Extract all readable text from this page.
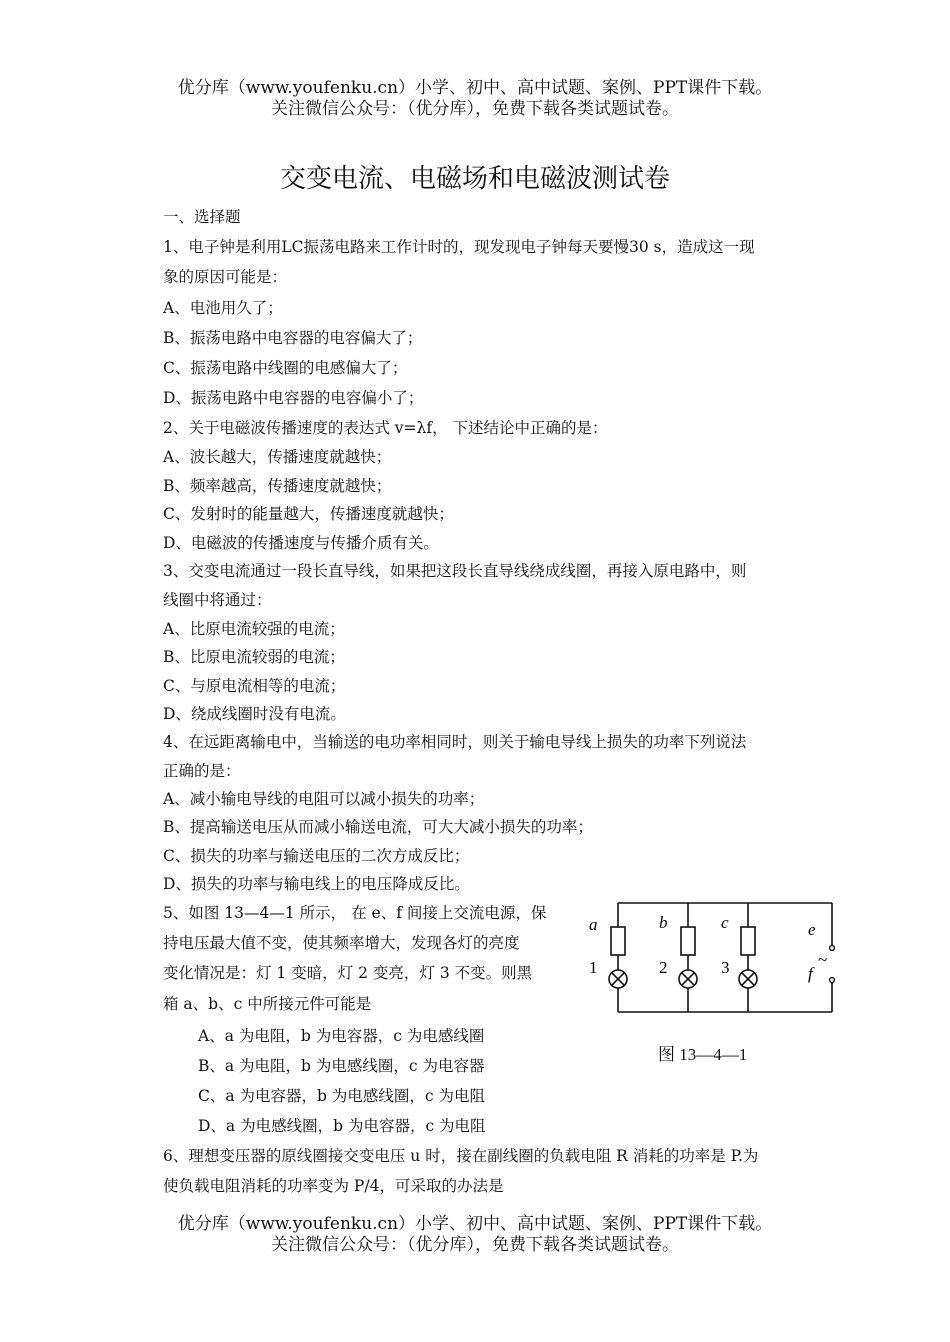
优分库（www.youfenku.cn）小学、初中、高中试题、案例、PPT课件下载。
关注微信公众号：（优分库），免费下载各类试题试卷。
交变电流、电磁场和电磁波测试卷
一、选择题
1、电子钟是利用LC振荡电路来工作计时的，现发现电子钟每天要慢30 s，造成这一现
象的原因可能是：
A、电池用久了；
B、振荡电路中电容器的电容偏大了；
C、振荡电路中线圈的电感偏大了；
D、振荡电路中电容器的电容偏小了；
2、关于电磁波传播速度的表达式 v=λf， 下述结论中正确的是：
A、波长越大，传播速度就越快；
B、频率越高，传播速度就越快；
C、发射时的能量越大，传播速度就越快；
D、电磁波的传播速度与传播介质有关。
3、交变电流通过一段长直导线，如果把这段长直导线绕成线圈，再接入原电路中，则
线圈中将通过：
A、比原电流较强的电流；
B、比原电流较弱的电流；
C、与原电流相等的电流；
D、绕成线圈时没有电流。
4、在远距离输电中，当输送的电功率相同时，则关于输电导线上损失的功率下列说法
正确的是：
A、减小输电导线的电阻可以减小损失的功率；
B、提高输送电压从而减小输送电流，可大大减小损失的功率；
C、损失的功率与输送电压的二次方成反比；
D、损失的功率与输电线上的电压降成反比。
5、如图 13—4—1 所示， 在 e、f 间接上交流电源，保
持电压最大值不变，使其频率增大，发现各灯的亮度
变化情况是：灯 1 变暗，灯 2 变亮，灯 3 不变。则黑
箱 a、b、c 中所接元件可能是
A、a 为电阻，b 为电容器，c 为电感线圈
B、a 为电阻，b 为电感线圈，c 为电容器
C、a 为电容器，b 为电感线圈，c 为电阻
D、a 为电感线圈，b 为电容器，c 为电阻
a	b	c
1	2	3
e
f
~
图 13—4—1
6、理想变压器的原线圈接交变电压 u 时，接在副线圈的负载电阻 R 消耗的功率是 P.为
使负载电阻消耗的功率变为 P/4，可采取的办法是
优分库（www.youfenku.cn）小学、初中、高中试题、案例、PPT课件下载。
关注微信公众号：（优分库），免费下载各类试题试卷。
